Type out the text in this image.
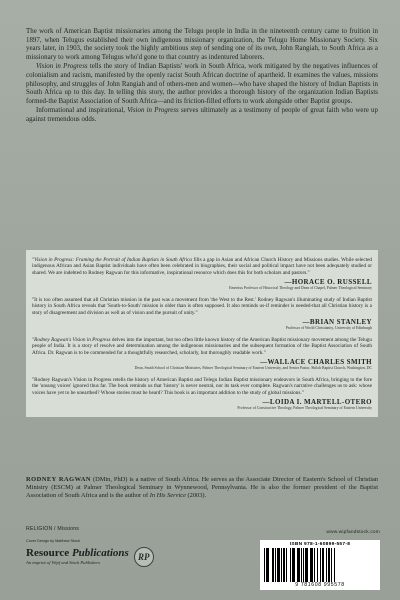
The work of American Baptist missionaries among the Telugu people in India in the nineteenth century came to fruition in 1897, when Telugus established their own indigenous missionary organization, the Telugu Home Missionary Society. Six years later, in 1903, the society took the highly ambitious step of sending one of its own, John Rangiah, to South Africa as a missionary to work among Telugus who'd gone to that country as indentured laborers.

Vision in Progress tells the story of Indian Baptists' work in South Africa, work mitigated by the negatives influences of colonialism and racism, manifested by the openly racist South African doctrine of apartheid. It examines the values, missions philosophy, and struggles of John Rangiah and of others-men and women—who have shaped the history of Indian Baptists in South Africa up to this day. In telling this story, the author provides a thorough history of the organization Indian Baptists formed-the Baptist Association of South Africa—and its friction-filled efforts to work alongside other Baptist groups.

Informational and inspirational, Vision in Progress serves ultimately as a testimony of people of great faith who were up against tremendous odds.

"Vision in Progress: Framing the Portrait of Indian Baptists in South Africa fills a gap in Asian and African Church History and Missions studies. While selected indigenous African and Asian Baptist individuals have often been celebrated in biographies, their social and political impact have not been adequately studied or shared. We are indebted to Rodney Ragwan for this informative, inspirational resource which does this for both scholars and pastors."

—HORACE O. RUSSELL
Emeritus Professor of Historical Theology and Dean of Chapel, Palmer Theological Seminary

"It is too often assumed that all Christian mission in the past was a movement from 'the West to the Rest.' Rodney Ragwan's illuminating study of Indian Baptist history in South Africa reveals that 'South-to-South' mission is older than is often supposed. It also reminds us-if reminder is needed-that all Christian history is a story of disagreement and division as well as of vision and the pursuit of unity."

—BRIAN STANLEY
Professor of World Christianity, University of Edinburgh

"Rodney Ragwan's Vision in Progress delves into the important, but too often little known history of the American Baptist missionary movement among the Telugu people of India. It is a story of resolve and determination among the indigenous missionaries and the subsequent formation of the Baptist Association of South Africa. Dr. Ragwan is to be commended for a thoughtfully researched, scholarly, but thoroughly readable work."

—WALLACE CHARLES SMITH
Dean, Smith School of Christian Ministries, Palmer Theological Seminary of Eastern University, and Senior Pastor, Shiloh Baptist Church, Washington, DC

"Rodney Ragwan's Vision in Progress retells the history of American Baptist and Telegu Indian Baptist missionary endeavors in South Africa, bringing to the fore the 'unsung voices' ignored thus far. The book reminds us that 'history' is never neutral, nor its task ever complete. Ragwan's narrative challenges us to ask: whose voices have yet to be unearthed? Whose stories must be heard? This book is an important addition to the study of global missions."

—LOIDA I. MARTELL-OTERO
Professor of Constructive Theology, Palmer Theological Seminary of Eastern University
RODNEY RAGWAN (DMin, PhD) is a native of South Africa. He serves as the Associate Director of Eastern's School of Christian Ministry (ESCM) at Palmer Theological Seminary in Wynnewood, Pennsylvania. He is also the former president of the Baptist Association of South Africa and is the author of In His Service (2003).
RELIGION / Missions
Cover Design by Matthew Stock
Resource Publications
An imprint of Wipf and Stock Publishers
RP
www.wipfandstock.com
ISBN 978-1-60899-557-8
9 781608 995578
